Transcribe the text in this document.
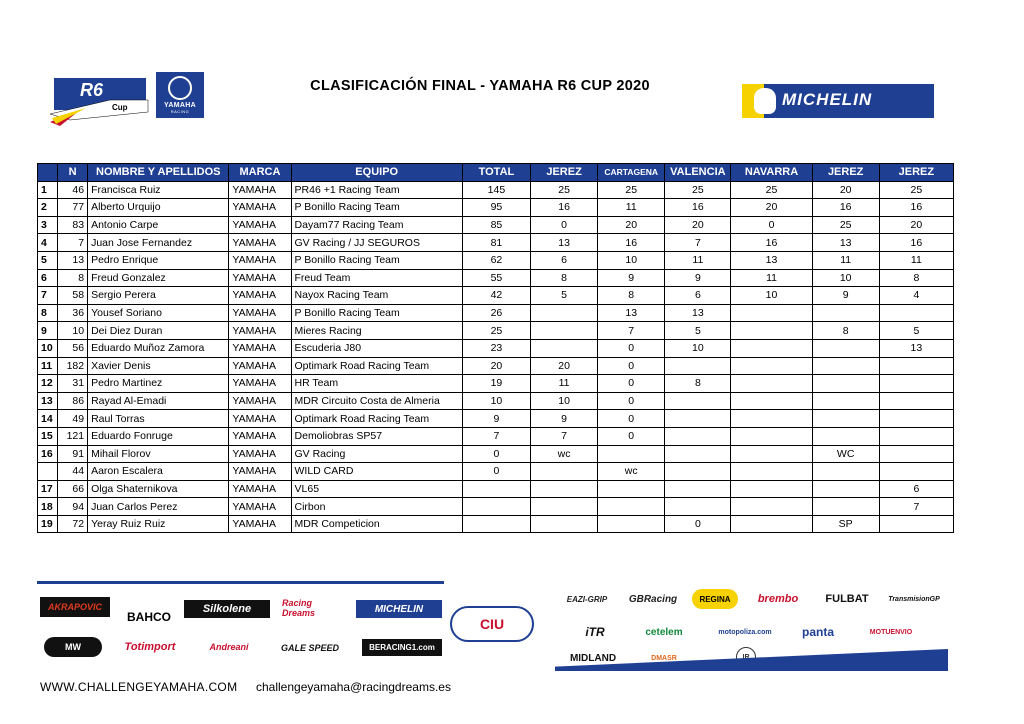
R6
Cup	YAMAHA
RACING
CLASIFICACIÓN FINAL - YAMAHA R6 CUP 2020
MICHELIN
	N	NOMBRE Y APELLIDOS	MARCA	EQUIPO	TOTAL	JEREZ	CARTAGENA	VALENCIA	NAVARRA	JEREZ	JEREZ
1	46	Francisca Ruiz	YAMAHA	PR46 +1 Racing Team	145	25	25	25	25	20	25
2	77	Alberto Urquijo	YAMAHA	P Bonillo Racing Team	95	16	11	16	20	16	16
3	83	Antonio Carpe	YAMAHA	Dayam77 Racing Team	85	0	20	20	0	25	20
4	7	Juan Jose Fernandez	YAMAHA	GV Racing / JJ SEGUROS	81	13	16	7	16	13	16
5	13	Pedro Enrique	YAMAHA	P Bonillo Racing Team	62	6	10	11	13	11	11
6	8	Freud Gonzalez	YAMAHA	Freud Team	55	8	9	9	11	10	8
7	58	Sergio Perera	YAMAHA	Nayox Racing Team	42	5	8	6	10	9	4
8	36	Yousef Soriano	YAMAHA	P Bonillo Racing Team	26		13	13			
9	10	Dei Diez Duran	YAMAHA	Mieres Racing	25		7	5		8	5
10	56	Eduardo Muñoz Zamora	YAMAHA	Escuderia J80	23		0	10			13
11	182	Xavier Denis	YAMAHA	Optimark Road Racing Team	20	20	0				
12	31	Pedro Martinez	YAMAHA	HR Team	19	11	0	8			
13	86	Rayad Al-Emadi	YAMAHA	MDR Circuito Costa de Almeria	10	10	0				
14	49	Raul Torras	YAMAHA	Optimark Road Racing Team	9	9	0				
15	121	Eduardo Fonruge	YAMAHA	Demoliobras SP57	7	7	0				
16	91	Mihail Florov	YAMAHA	GV Racing	0	wc				WC	
	44	Aaron Escalera	YAMAHA	WILD CARD	0		wc				
17	66	Olga Shaternikova	YAMAHA	VL65							6
18	94	Juan Carlos Perez	YAMAHA	Cirbon							7
19	72	Yeray Ruiz Ruiz	YAMAHA	MDR Competicion				0		SP	
AKRAPOVIC
BAHCO
Silkolene	Racing Dreams	MICHELIN
MW	Totimport	Andreani	GALE SPEED	BERACING1.com
CIU
WWW.CHALLENGEYAMAHA.COM challengeyamaha@racingdreams.es
EAZI-GRIP	GBRacing	REGINA	brembo	FULBAT	TransmisionGP
iTR	cetelem	motopoliza.com	panta	MOTUENVIO
MIDLAND	DMASR	IR
